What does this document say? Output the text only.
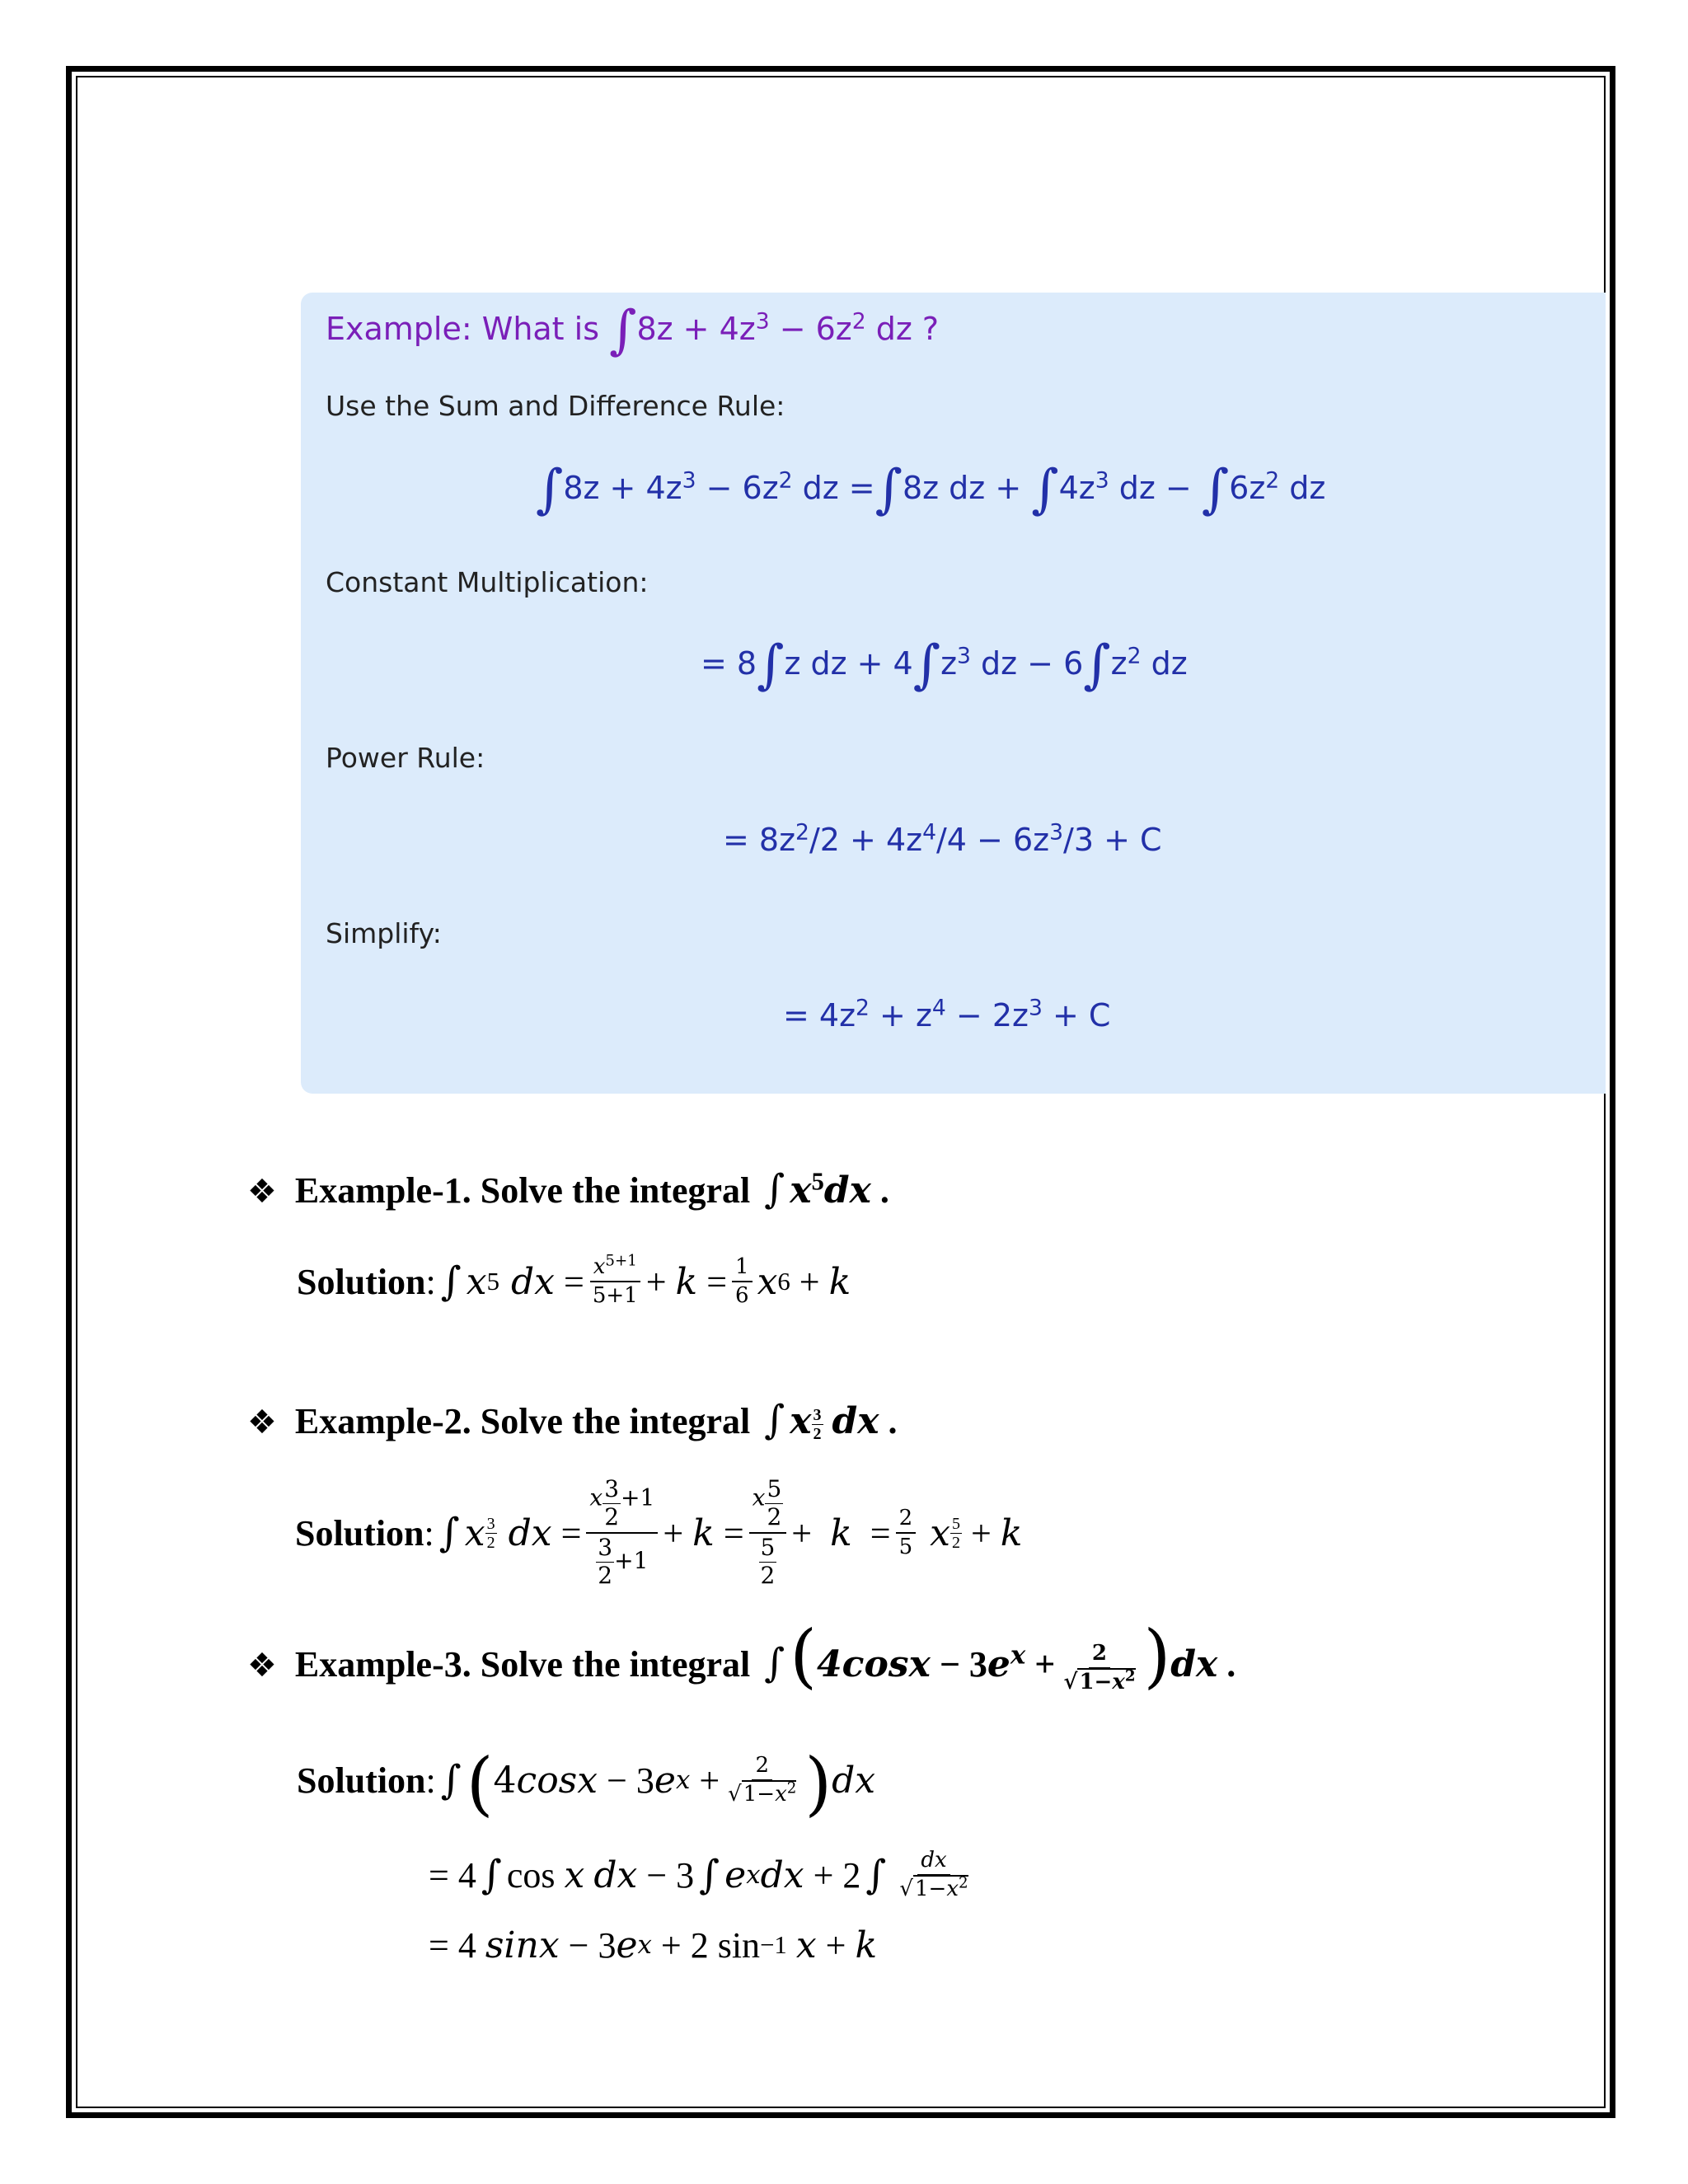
Example: What is $\int 8z + 4z^3 - 6z^2$ dz ?
Use the Sum and Difference Rule:
$\int 8z + 4z^3 - 6z^2$ dz =∫8z dz + $\int 4z^3$ dz − $\int 6z^2$ dz
Constant Multiplication:
= 8∫z dz + $4\int z^3$ dz − $6\int z^2$ dz
Power Rule:
= $8z^2/2 + 4z^4/4 - 6z^3/3 + C$
Simplify:
= $4z^2 + z^4 - 2z^3 + C$
❖ Example-1. Solve the integral ∫ $x^5dx$ .
Solution : ∫ x 5 dx = $\frac{x^{5+1}}{5+1} + k = \frac{1}{6}$ x 6 + k
❖ Example-2. Solve the integral ∫ x $\frac{3}{2}$ dx .
Solution : ∫ x 3
2 dx = $\frac{x \frac{3}{2} +1}{\frac{3}{2} +1} + k = \frac{x \frac{5}{2}}{\frac{5}{2}} + k = \frac{2}{5}$
x 5
2 + k
❖ Example-3. Solve the integral $\int(4\cos x - 3e^x + \frac{2}{√1-x^2} )dx$ .
Solution : ∫ ( 4 cosx − 3 e $x + \frac{2}{√1-x^2}$ ) dx
= 4 ∫ cos x
dx − 3 ∫ e x dx + 2 ∫ $\frac{dx}{√1-x^2}$
= 4 sinx − 3 e x + 2 sin −1
x + k
